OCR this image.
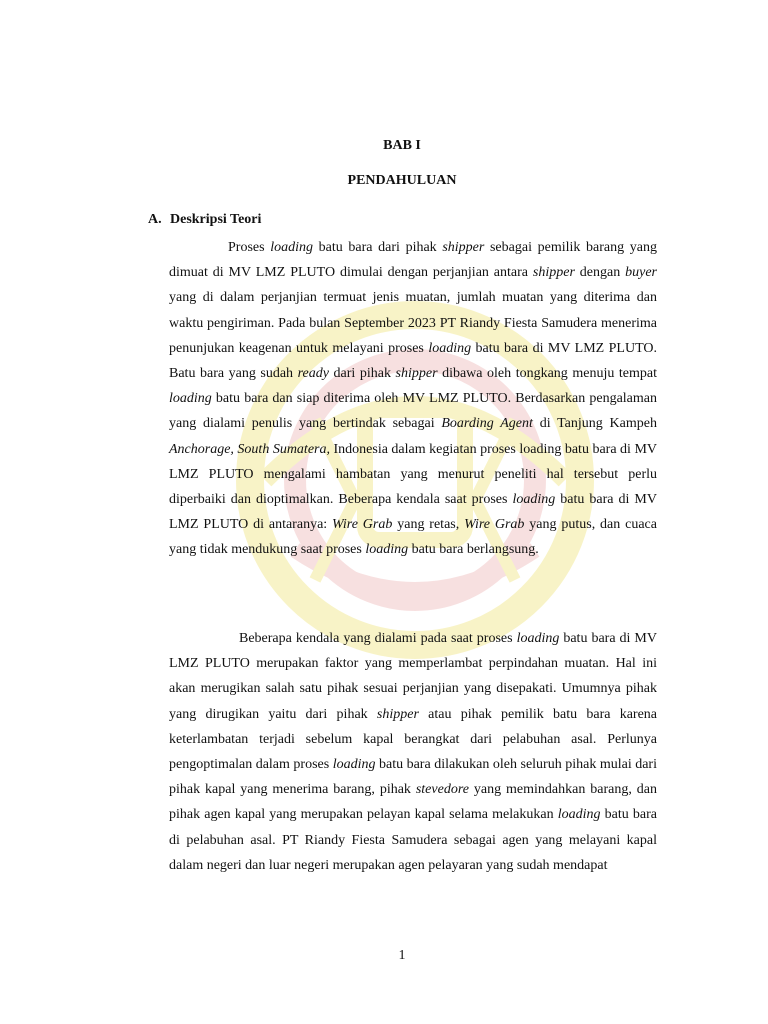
BAB I
PENDAHULUAN
A. Deskripsi Teori

Proses loading batu bara dari pihak shipper sebagai pemilik barang yang dimuat di MV LMZ PLUTO dimulai dengan perjanjian antara shipper dengan buyer yang di dalam perjanjian termuat jenis muatan, jumlah muatan yang diterima dan waktu pengiriman. Pada bulan September 2023 PT Riandy Fiesta Samudera menerima penunjukan keagenan untuk melayani proses loading batu bara di MV LMZ PLUTO. Batu bara yang sudah ready dari pihak shipper dibawa oleh tongkang menuju tempat loading batu bara dan siap diterima oleh MV LMZ PLUTO. Berdasarkan pengalaman yang dialami penulis yang bertindak sebagai Boarding Agent di Tanjung Kampeh Anchorage, South Sumatera, Indonesia dalam kegiatan proses loading batu bara di MV LMZ PLUTO mengalami hambatan yang menurut peneliti hal tersebut perlu diperbaiki dan dioptimalkan. Beberapa kendala saat proses loading batu bara di MV LMZ PLUTO di antaranya: Wire Grab yang retas, Wire Grab yang putus, dan cuaca yang tidak mendukung saat proses loading batu bara berlangsung.

Beberapa kendala yang dialami pada saat proses loading batu bara di MV LMZ PLUTO merupakan faktor yang memperlambat perpindahan muatan. Hal ini akan merugikan salah satu pihak sesuai perjanjian yang disepakati. Umumnya pihak yang dirugikan yaitu dari pihak shipper atau pihak pemilik batu bara karena keterlambatan terjadi sebelum kapal berangkat dari pelabuhan asal. Perlunya pengoptimalan dalam proses loading batu bara dilakukan oleh seluruh pihak mulai dari pihak kapal yang menerima barang, pihak stevedore yang memindahkan barang, dan pihak agen kapal yang merupakan pelayan kapal selama melakukan loading batu bara di pelabuhan asal. PT Riandy Fiesta Samudera sebagai agen yang melayani kapal dalam negeri dan luar negeri merupakan agen pelayaran yang sudah mendapat

1
